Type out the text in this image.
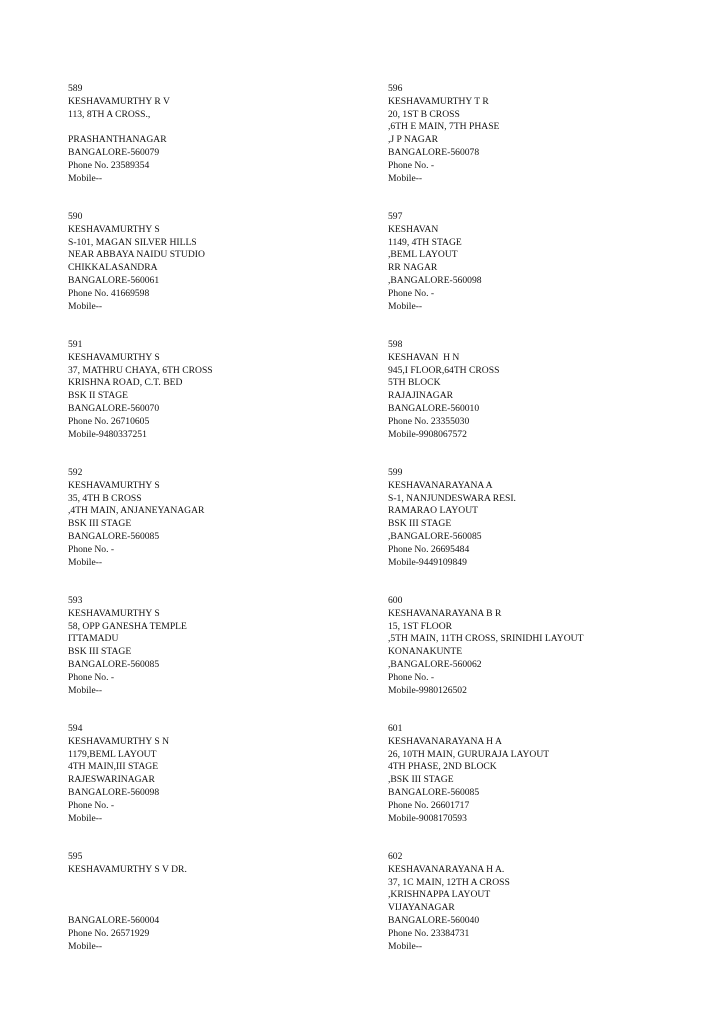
589
KESHAVAMURTHY R V
113, 8TH A CROSS.,
PRASHANTHANAGAR
BANGALORE-560079
Phone No. 23589354
Mobile--
590
KESHAVAMURTHY S
S-101, MAGAN SILVER HILLS
NEAR ABBAYA NAIDU STUDIO
CHIKKALASANDRA
BANGALORE-560061
Phone No. 41669598
Mobile--
591
KESHAVAMURTHY S
37, MATHRU CHAYA, 6TH CROSS
KRISHNA ROAD, C.T. BED
BSK II STAGE
BANGALORE-560070
Phone No. 26710605
Mobile-9480337251
592
KESHAVAMURTHY S
35, 4TH B CROSS
,4TH MAIN, ANJANEYANAGAR
BSK III STAGE
BANGALORE-560085
Phone No. -
Mobile--
593
KESHAVAMURTHY S
58, OPP GANESHA TEMPLE
ITTAMADU
BSK III STAGE
BANGALORE-560085
Phone No. -
Mobile--
594
KESHAVAMURTHY S N
1179,BEML LAYOUT
4TH MAIN,III STAGE
RAJESWARINAGAR
BANGALORE-560098
Phone No. -
Mobile--
595
KESHAVAMURTHY S V DR.
BANGALORE-560004
Phone No. 26571929
Mobile--
596
KESHAVAMURTHY T R
20, 1ST B CROSS
,6TH E MAIN, 7TH PHASE
,J P NAGAR
BANGALORE-560078
Phone No. -
Mobile--
597
KESHAVAN
1149, 4TH STAGE
,BEML LAYOUT
RR NAGAR
,BANGALORE-560098
Phone No. -
Mobile--
598
KESHAVAN  H N
945,I FLOOR,64TH CROSS
5TH BLOCK
RAJAJINAGAR
BANGALORE-560010
Phone No. 23355030
Mobile-9908067572
599
KESHAVANARAYANA A
S-1, NANJUNDESWARA RESI.
RAMARAO LAYOUT
BSK III STAGE
,BANGALORE-560085
Phone No. 26695484
Mobile-9449109849
600
KESHAVANARAYANA B R
15, 1ST FLOOR
,5TH MAIN, 11TH CROSS, SRINIDHI LAYOUT
KONANAKUNTE
,BANGALORE-560062
Phone No. -
Mobile-9980126502
601
KESHAVANARAYANA H A
26, 10TH MAIN, GURURAJA LAYOUT
4TH PHASE, 2ND BLOCK
,BSK III STAGE
BANGALORE-560085
Phone No. 26601717
Mobile-9008170593
602
KESHAVANARAYANA H A.
37, 1C MAIN, 12TH A CROSS
,KRISHNAPPA LAYOUT
VIJAYANAGAR
BANGALORE-560040
Phone No. 23384731
Mobile--
